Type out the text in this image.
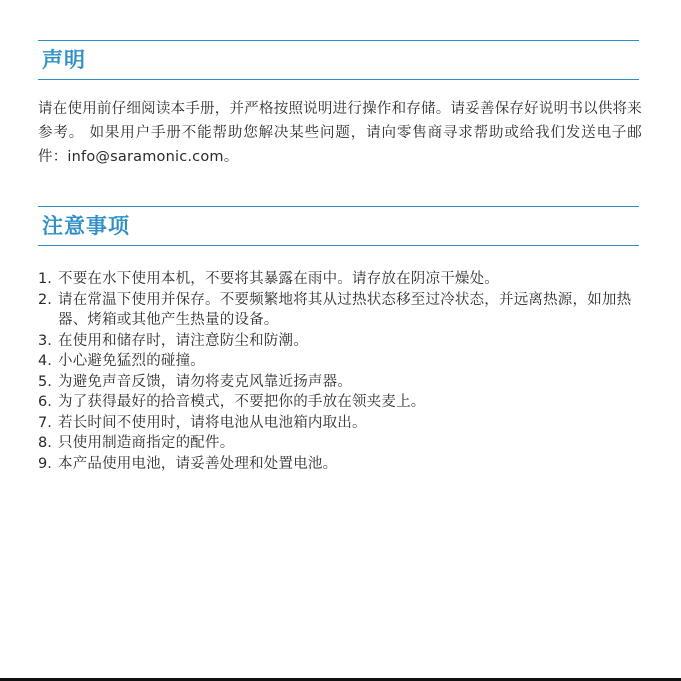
声明

请在使用前仔细阅读本手册，并严格按照说明进行操作和存储。请妥善保存好说明书以供将来参考。 如果用户手册不能帮助您解决某些问题，请向零售商寻求帮助或给我们发送电子邮件：info@saramonic.com。

注意事项
1. 不要在水下使用本机，不要将其暴露在雨中。请存放在阴凉干燥处。
2. 请在常温下使用并保存。不要频繁地将其从过热状态移至过冷状态，并远离热源，如加热器、烤箱或其他产生热量的设备。
3. 在使用和储存时，请注意防尘和防潮。
4. 小心避免猛烈的碰撞。
5. 为避免声音反馈，请勿将麦克风靠近扬声器。
6. 为了获得最好的拾音模式，不要把你的手放在领夹麦上。
7. 若长时间不使用时，请将电池从电池箱内取出。
8. 只使用制造商指定的配件。
9. 本产品使用电池，请妥善处理和处置电池。
